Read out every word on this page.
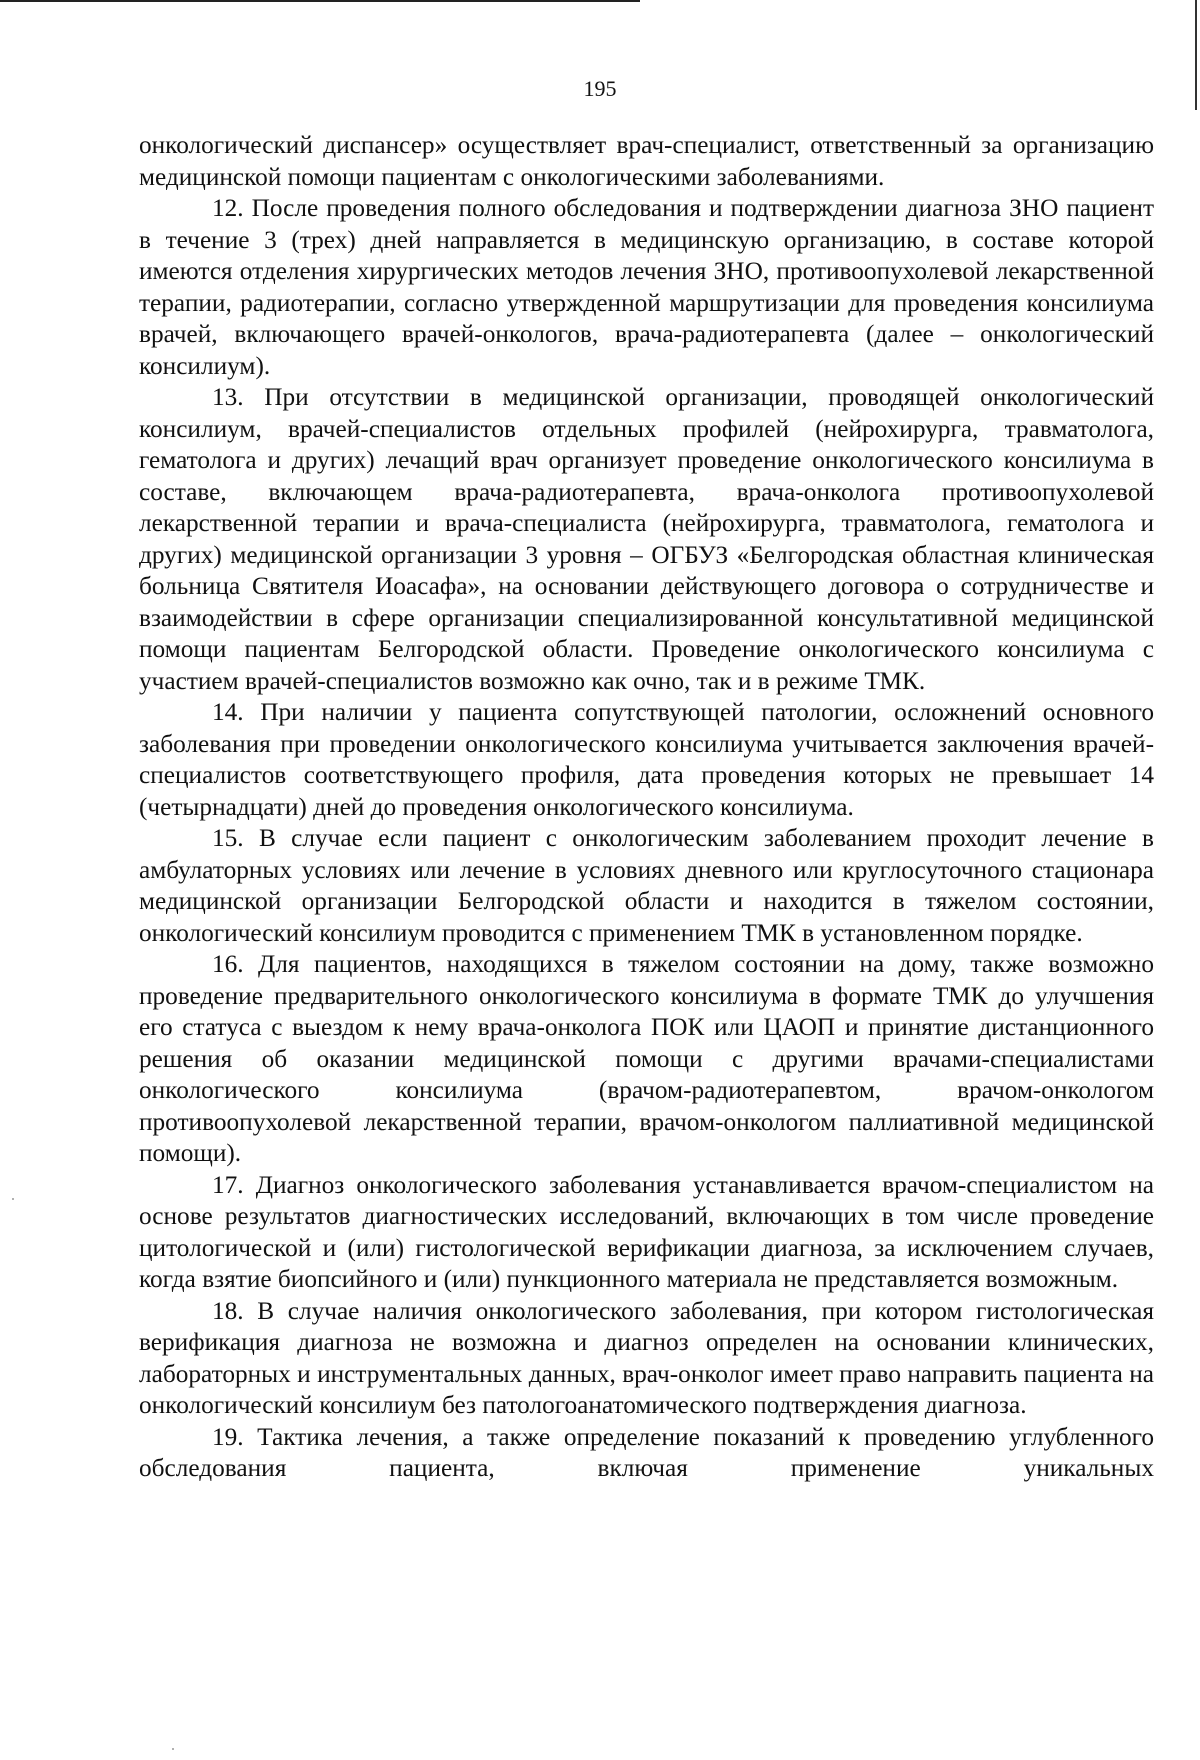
195

онкологический диспансер» осуществляет врач-специалист, ответственный за организацию медицинской помощи пациентам с онкологическими заболеваниями.

12. После проведения полного обследования и подтверждении диагноза ЗНО пациент в течение 3 (трех) дней направляется в медицинскую организацию, в составе которой имеются отделения хирургических методов лечения ЗНО, противоопухолевой лекарственной терапии, радиотерапии, согласно утвержденной маршрутизации для проведения консилиума врачей, включающего врачей-онкологов, врача-радиотерапевта (далее – онкологический консилиум).

13. При отсутствии в медицинской организации, проводящей онкологический консилиум, врачей-специалистов отдельных профилей (нейрохирурга, травматолога, гематолога и других) лечащий врач организует проведение онкологического консилиума в составе, включающем врача-радиотерапевта, врача-онколога противоопухолевой лекарственной терапии и врача-специалиста (нейрохирурга, травматолога, гематолога и других) медицинской организации 3 уровня – ОГБУЗ «Белгородская областная клиническая больница Святителя Иоасафа», на основании действующего договора о сотрудничестве и взаимодействии в сфере организации специализированной консультативной медицинской помощи пациентам Белгородской области. Проведение онкологического консилиума с участием врачей-специалистов возможно как очно, так и в режиме ТМК.

14. При наличии у пациента сопутствующей патологии, осложнений основного заболевания при проведении онкологического консилиума учитывается заключения врачей-специалистов соответствующего профиля, дата проведения которых не превышает 14 (четырнадцати) дней до проведения онкологического консилиума.

15. В случае если пациент с онкологическим заболеванием проходит лечение в амбулаторных условиях или лечение в условиях дневного или круглосуточного стационара медицинской организации Белгородской области и находится в тяжелом состоянии, онкологический консилиум проводится с применением ТМК в установленном порядке.

16. Для пациентов, находящихся в тяжелом состоянии на дому, также возможно проведение предварительного онкологического консилиума в формате ТМК до улучшения его статуса с выездом к нему врача-онколога ПОК или ЦАОП и принятие дистанционного решения об оказании медицинской помощи с другими врачами-специалистами онкологического консилиума (врачом-радиотерапевтом, врачом-онкологом противоопухолевой лекарственной терапии, врачом-онкологом паллиативной медицинской помощи).

17. Диагноз онкологического заболевания устанавливается врачом-специалистом на основе результатов диагностических исследований, включающих в том числе проведение цитологической и (или) гистологической верификации диагноза, за исключением случаев, когда взятие биопсийного и (или) пункционного материала не представляется возможным.

18. В случае наличия онкологического заболевания, при котором гистологическая верификация диагноза не возможна и диагноз определен на основании клинических, лабораторных и инструментальных данных, врач-онколог имеет право направить пациента на онкологический консилиум без патологоанатомического подтверждения диагноза.

19. Тактика лечения, а также определение показаний к проведению углубленного обследования пациента, включая применение уникальных
